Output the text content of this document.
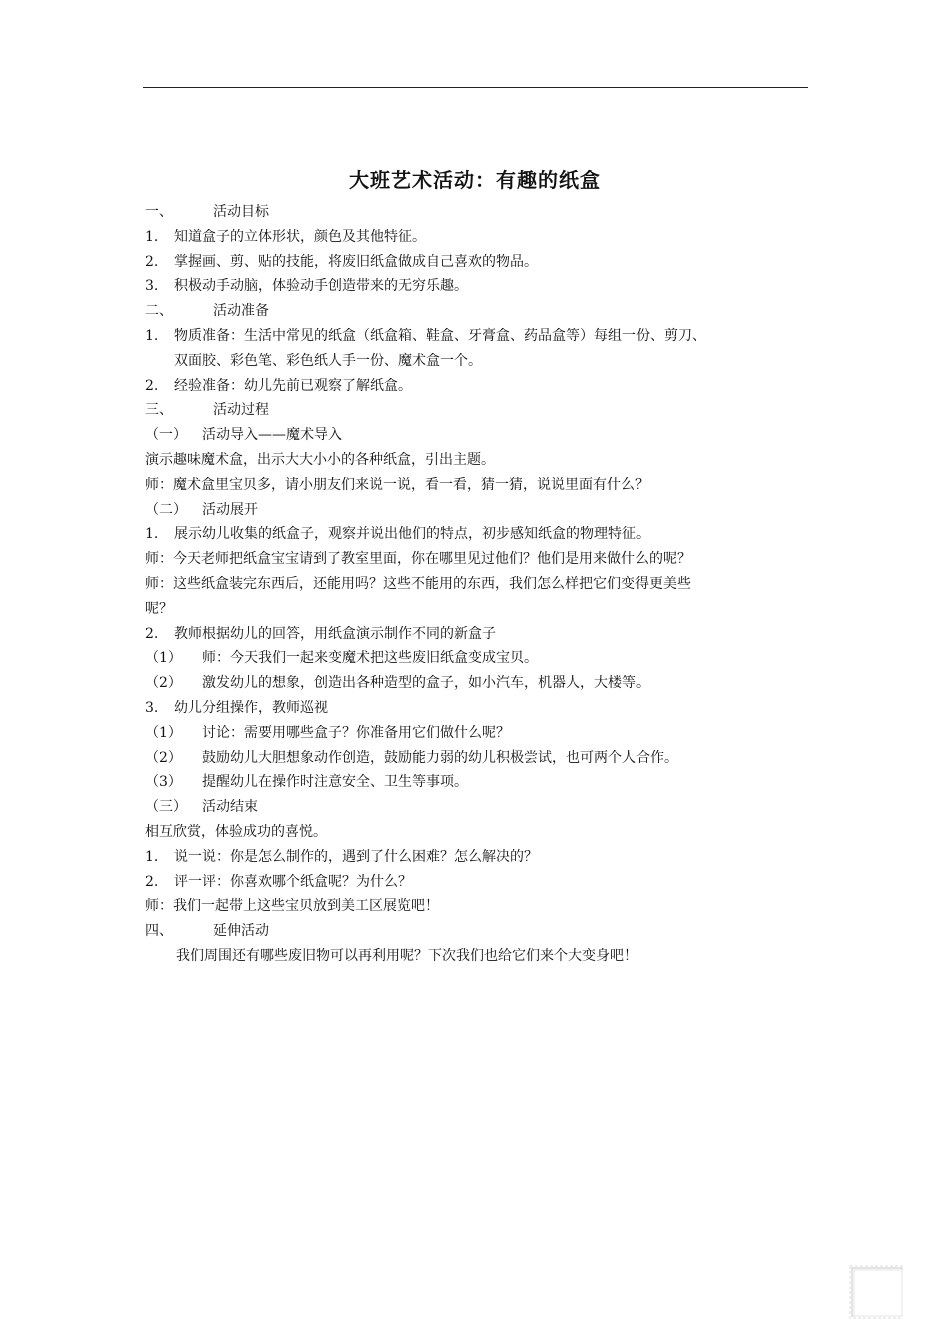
大班艺术活动：有趣的纸盒
一、	活动目标
1. 知道盒子的立体形状，颜色及其他特征。
2. 掌握画、剪、贴的技能，将废旧纸盒做成自己喜欢的物品。
3. 积极动手动脑，体验动手创造带来的无穷乐趣。
二、	活动准备
1. 物质准备：生活中常见的纸盒（纸盒箱、鞋盒、牙膏盒、药品盒等）每组一份、剪刀、
双面胶、彩色笔、彩色纸人手一份、魔术盒一个。
2. 经验准备：幼儿先前已观察了解纸盒。
三、	活动过程
（一） 活动导入——魔术导入
演示趣味魔术盒，出示大大小小的各种纸盒，引出主题。
师：魔术盒里宝贝多，请小朋友们来说一说，看一看，猜一猜，说说里面有什么？
（二） 活动展开
1. 展示幼儿收集的纸盒子，观察并说出他们的特点，初步感知纸盒的物理特征。
师：今天老师把纸盒宝宝请到了教室里面，你在哪里见过他们？他们是用来做什么的呢？
师：这些纸盒装完东西后，还能用吗？这些不能用的东西，我们怎么样把它们变得更美些
呢？
2. 教师根据幼儿的回答，用纸盒演示制作不同的新盒子
（1） 师：今天我们一起来变魔术把这些废旧纸盒变成宝贝。
（2） 激发幼儿的想象，创造出各种造型的盒子，如小汽车，机器人，大楼等。
3. 幼儿分组操作，教师巡视
（1） 讨论：需要用哪些盒子？你准备用它们做什么呢？
（2） 鼓励幼儿大胆想象动作创造，鼓励能力弱的幼儿积极尝试，也可两个人合作。
（3） 提醒幼儿在操作时注意安全、卫生等事项。
（三） 活动结束
相互欣赏，体验成功的喜悦。
1. 说一说：你是怎么制作的，遇到了什么困难？怎么解决的？
2. 评一评：你喜欢哪个纸盒呢？为什么？
师：我们一起带上这些宝贝放到美工区展览吧！
四、	延伸活动
我们周围还有哪些废旧物可以再利用呢？下次我们也给它们来个大变身吧！
